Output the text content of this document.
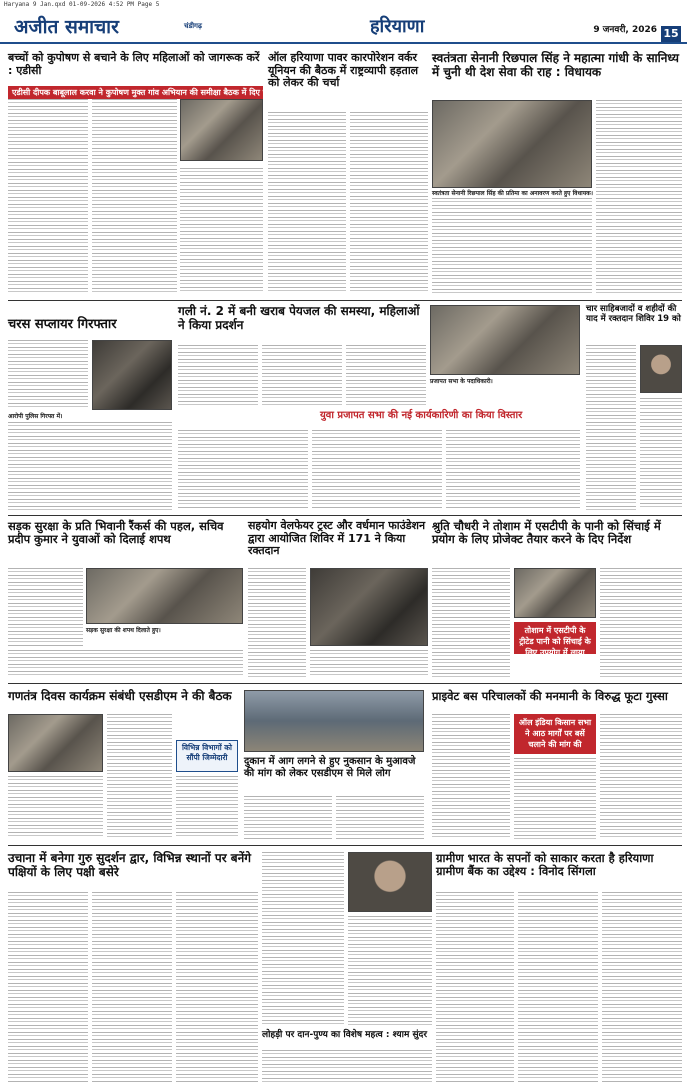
Haryana 9 Jan.qxd 01-09-2026 4:52 PM Page 5
अजीत समाचार	चंडीगढ़	हरियाणा	9 जनवरी, 2026 15
बच्चों को कुपोषण से बचाने के लिए महिलाओं को जागरूक करें : एडीसी
एडीसी दीपक बाबूलाल करवा ने कुपोषण मुक्त गांव अभियान की समीक्षा बैठक में दिए जरूरी निर्देश
ऑल हरियाणा पावर कारपोरेशन वर्कर यूनियन की बैठक में राष्ट्रव्यापी हड़ताल को लेकर की चर्चा
स्वतंत्रता सेनानी रिछपाल सिंह ने महात्मा गांधी के सानिध्य में चुनी थी देश सेवा की राह : विधायक
स्वतंत्रता सेनानी रिछपाल सिंह की प्रतिमा का अनावरण करते हुए विधायक।
चरस सप्लायर गिरफ्तार
आरोपी पुलिस गिरफ्त में।
गली नं. 2 में बनी खराब पेयजल की समस्या, महिलाओं ने किया प्रदर्शन
प्रजापत सभा के पदाधिकारी।
युवा प्रजापत सभा की नई कार्यकारिणी का किया विस्तार
चार साहिबजादों व शहीदों की याद में रक्तदान शिविर 19 को
सड़क सुरक्षा के प्रति भिवानी रैंकर्स की पहल, सचिव प्रदीप कुमार ने युवाओं को दिलाई शपथ
सड़क सुरक्षा की शपथ दिलाते हुए।
सहयोग वेलफेयर ट्रस्ट और वर्धमान फाउंडेशन द्वारा आयोजित शिविर में 171 ने किया रक्तदान
श्रुति चौधरी ने तोशाम में एसटीपी के पानी को सिंचाई में प्रयोग के लिए प्रोजेक्ट तैयार करने के दिए निर्देश
तोशाम में एसटीपी के ट्रीटेड पानी को सिंचाई के लिए उपयोग में लाया जाएगा
गणतंत्र दिवस कार्यक्रम संबंधी एसडीएम ने की बैठक
विभिन्न विभागों को सौंपी जिम्मेदारी	दुकान में आग लगने से हुए नुकसान के मुआवजे की मांग को लेकर एसडीएम से मिले लोग
प्राइवेट बस परिचालकों की मनमानी के विरुद्ध फूटा गुस्सा
ऑल इंडिया किसान सभा ने आठ मार्गों पर बसें चलाने की मांग की
उचाना में बनेगा गुरु सुदर्शन द्वार, विभिन्न स्थानों पर बनेंगे पक्षियों के लिए पक्षी बसेरे
लोहड़ी पर दान-पुण्य का विशेष महत्व : श्याम सुंदर
ग्रामीण भारत के सपनों को साकार करता है हरियाणा ग्रामीण बैंक का उद्देश्य : विनोद सिंगला
